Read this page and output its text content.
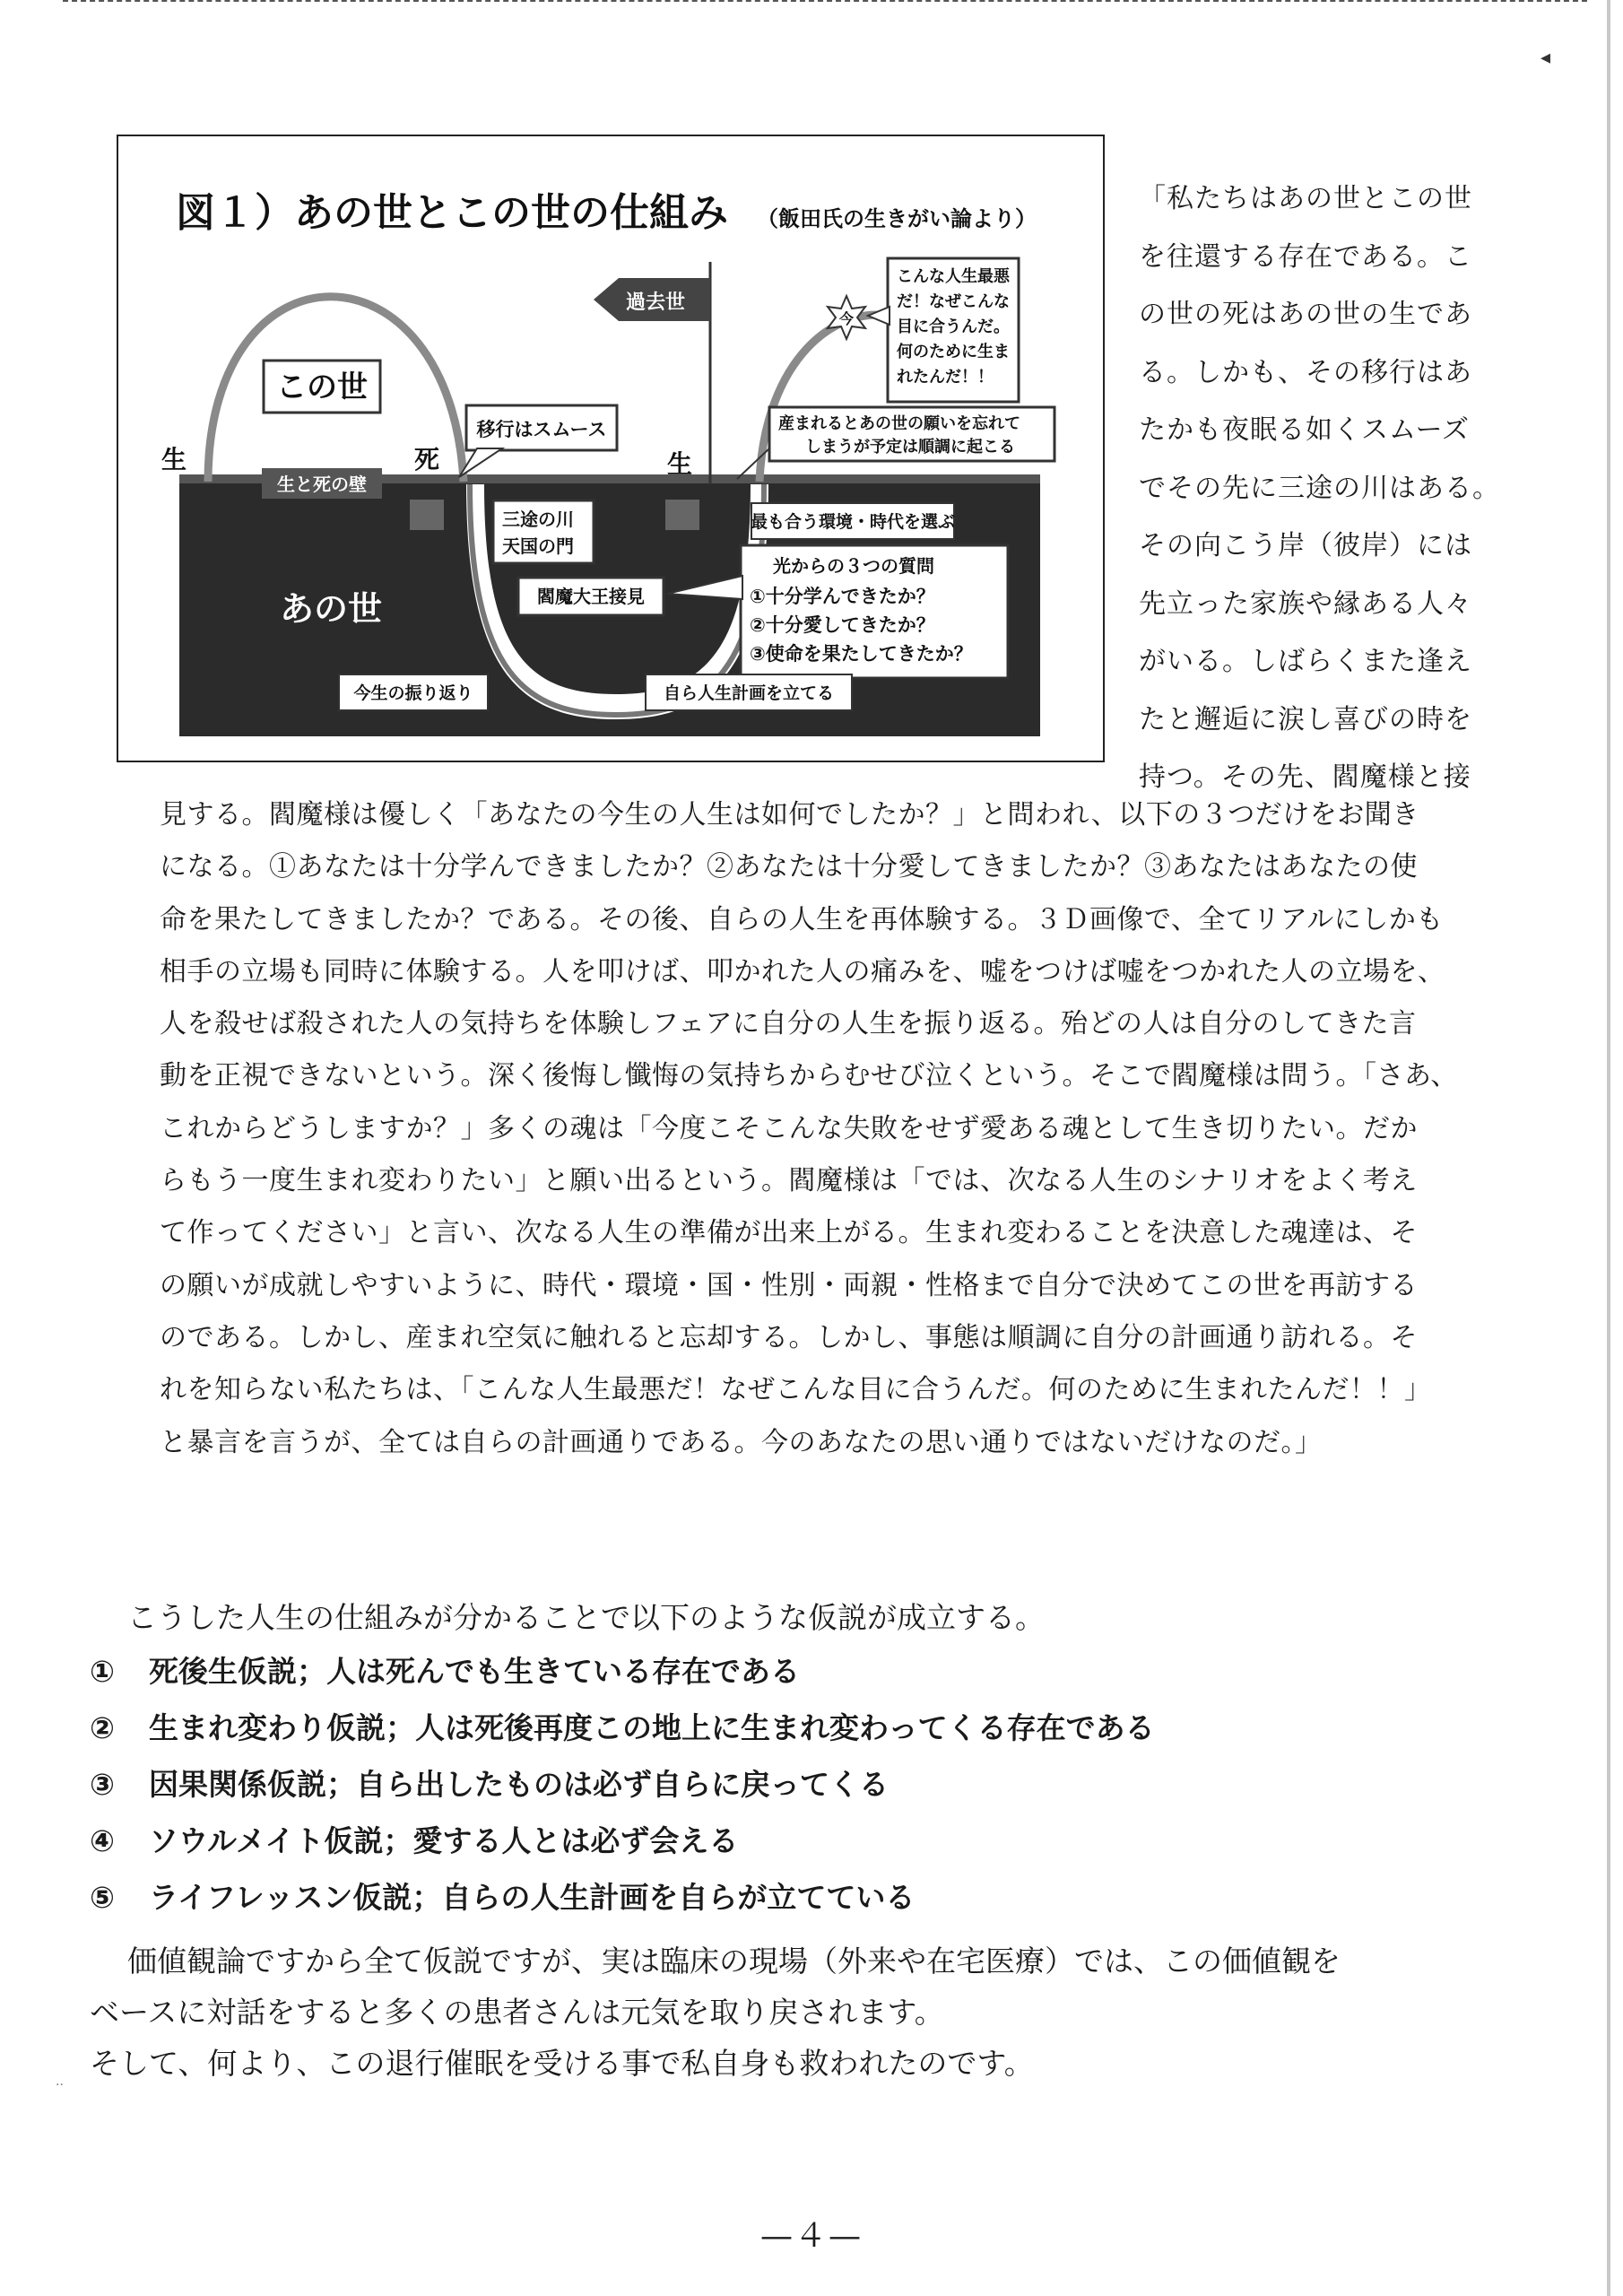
◂
図１）あの世とこの世の仕組み （飯田氏の生きがい論より）
過去世
この世
生	死	生
生と死の壁
移行はスムース
今
こんな人生最悪 だ！なぜこんな 目に合うんだ。 何のために生ま れたんだ！！
産まれるとあの世の願いを忘れて しまうが予定は順調に起こる
三途の川 天国の門
閻魔大王接見
最も合う環境・時代を選ぶ
光からの３つの質問
①十分学んできたか？ ②十分愛してきたか？ ③使命を果たしてきたか？
あの世
今生の振り返り	自ら人生計画を立てる
「私たちはあの世とこの世
を往還する存在である。こ
の世の死はあの世の生であ
る。しかも、その移行はあ
たかも夜眠る如くスムーズ
でその先に三途の川はある。
その向こう岸（彼岸）には
先立った家族や縁ある人々
がいる。しばらくまた逢え
たと邂逅に涙し喜びの時を
持つ。その先、閻魔様と接
見する。閻魔様は優しく「あなたの今生の人生は如何でしたか？」と問われ、以下の３つだけをお聞き
になる。①あなたは十分学んできましたか？②あなたは十分愛してきましたか？③あなたはあなたの使
命を果たしてきましたか？である。その後、自らの人生を再体験する。３Ｄ画像で、全てリアルにしかも
相手の立場も同時に体験する。人を叩けば、叩かれた人の痛みを、嘘をつけば嘘をつかれた人の立場を、
人を殺せば殺された人の気持ちを体験しフェアに自分の人生を振り返る。殆どの人は自分のしてきた言
動を正視できないという。深く後悔し懺悔の気持ちからむせび泣くという。そこで閻魔様は問う。「さあ、
これからどうしますか？」多くの魂は「今度こそこんな失敗をせず愛ある魂として生き切りたい。だか
らもう一度生まれ変わりたい」と願い出るという。閻魔様は「では、次なる人生のシナリオをよく考え
て作ってください」と言い、次なる人生の準備が出来上がる。生まれ変わることを決意した魂達は、そ
の願いが成就しやすいように、時代・環境・国・性別・両親・性格まで自分で決めてこの世を再訪する
のである。しかし、産まれ空気に触れると忘却する。しかし、事態は順調に自分の計画通り訪れる。そ
れを知らない私たちは、「こんな人生最悪だ！なぜこんな目に合うんだ。何のために生まれたんだ！！」
と暴言を言うが、全ては自らの計画通りである。今のあなたの思い通りではないだけなのだ。」
こうした人生の仕組みが分かることで以下のような仮説が成立する。
① 死後生仮説；人は死んでも生きている存在である
② 生まれ変わり仮説；人は死後再度この地上に生まれ変わってくる存在である
③ 因果関係仮説；自ら出したものは必ず自らに戻ってくる
④ ソウルメイト仮説；愛する人とは必ず会える
⑤ ライフレッスン仮説；自らの人生計画を自らが立てている
価値観論ですから全て仮説ですが、実は臨床の現場（外来や在宅医療）では、この価値観を
ベースに対話をすると多くの患者さんは元気を取り戻されます。
そして、何より、この退行催眠を受ける事で私自身も救われたのです。
··
—４—
